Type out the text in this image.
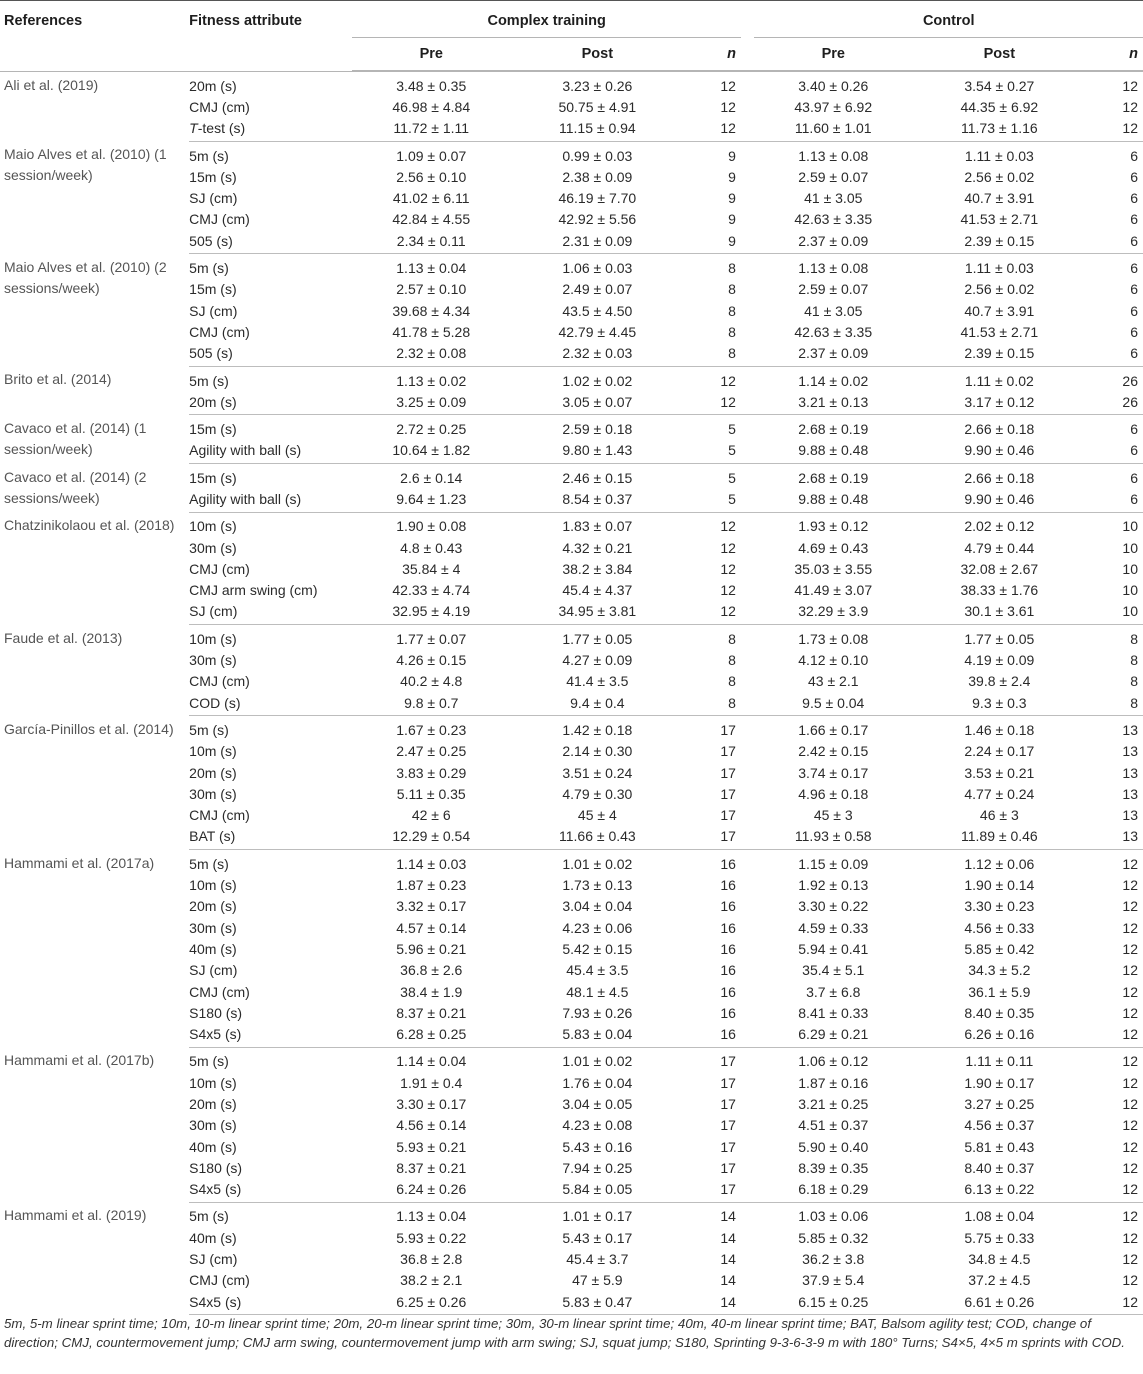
References	Fitness attribute	Complex training				Control		

		Pre	Post	n		Pre	Post	n

Ali et al. (2019)	20m (s)	3.48 ± 0.35	3.23 ± 0.26	12		3.40 ± 0.26	3.54 ± 0.27	12
	CMJ (cm)	46.98 ± 4.84	50.75 ± 4.91	12		43.97 ± 6.92	44.35 ± 6.92	12
	T-test (s)	11.72 ± 1.11	11.15 ± 0.94	12		11.60 ± 1.01	11.73 ± 1.16	12
Maio Alves et al. (2010) (1 session/week)	5m (s)	1.09 ± 0.07	0.99 ± 0.03	9		1.13 ± 0.08	1.11 ± 0.03	6
	15m (s)	2.56 ± 0.10	2.38 ± 0.09	9		2.59 ± 0.07	2.56 ± 0.02	6
	SJ (cm)	41.02 ± 6.11	46.19 ± 7.70	9		41 ± 3.05	40.7 ± 3.91	6
	CMJ (cm)	42.84 ± 4.55	42.92 ± 5.56	9		42.63 ± 3.35	41.53 ± 2.71	6
	505 (s)	2.34 ± 0.11	2.31 ± 0.09	9		2.37 ± 0.09	2.39 ± 0.15	6
Maio Alves et al. (2010) (2 sessions/week)	5m (s)	1.13 ± 0.04	1.06 ± 0.03	8		1.13 ± 0.08	1.11 ± 0.03	6
	15m (s)	2.57 ± 0.10	2.49 ± 0.07	8		2.59 ± 0.07	2.56 ± 0.02	6
	SJ (cm)	39.68 ± 4.34	43.5 ± 4.50	8		41 ± 3.05	40.7 ± 3.91	6
	CMJ (cm)	41.78 ± 5.28	42.79 ± 4.45	8		42.63 ± 3.35	41.53 ± 2.71	6
	505 (s)	2.32 ± 0.08	2.32 ± 0.03	8		2.37 ± 0.09	2.39 ± 0.15	6
Brito et al. (2014)	5m (s)	1.13 ± 0.02	1.02 ± 0.02	12		1.14 ± 0.02	1.11 ± 0.02	26
	20m (s)	3.25 ± 0.09	3.05 ± 0.07	12		3.21 ± 0.13	3.17 ± 0.12	26
Cavaco et al. (2014) (1 session/week)	15m (s)	2.72 ± 0.25	2.59 ± 0.18	5		2.68 ± 0.19	2.66 ± 0.18	6
	Agility with ball (s)	10.64 ± 1.82	9.80 ± 1.43	5		9.88 ± 0.48	9.90 ± 0.46	6
Cavaco et al. (2014) (2 sessions/week)	15m (s)	2.6 ± 0.14	2.46 ± 0.15	5		2.68 ± 0.19	2.66 ± 0.18	6
	Agility with ball (s)	9.64 ± 1.23	8.54 ± 0.37	5		9.88 ± 0.48	9.90 ± 0.46	6
Chatzinikolaou et al. (2018)	10m (s)	1.90 ± 0.08	1.83 ± 0.07	12		1.93 ± 0.12	2.02 ± 0.12	10
	30m (s)	4.8 ± 0.43	4.32 ± 0.21	12		4.69 ± 0.43	4.79 ± 0.44	10
	CMJ (cm)	35.84 ± 4	38.2 ± 3.84	12		35.03 ± 3.55	32.08 ± 2.67	10
	CMJ arm swing (cm)	42.33 ± 4.74	45.4 ± 4.37	12		41.49 ± 3.07	38.33 ± 1.76	10
	SJ (cm)	32.95 ± 4.19	34.95 ± 3.81	12		32.29 ± 3.9	30.1 ± 3.61	10
Faude et al. (2013)	10m (s)	1.77 ± 0.07	1.77 ± 0.05	8		1.73 ± 0.08	1.77 ± 0.05	8
	30m (s)	4.26 ± 0.15	4.27 ± 0.09	8		4.12 ± 0.10	4.19 ± 0.09	8
	CMJ (cm)	40.2 ± 4.8	41.4 ± 3.5	8		43 ± 2.1	39.8 ± 2.4	8
	COD (s)	9.8 ± 0.7	9.4 ± 0.4	8		9.5 ± 0.04	9.3 ± 0.3	8
García-Pinillos et al. (2014)	5m (s)	1.67 ± 0.23	1.42 ± 0.18	17		1.66 ± 0.17	1.46 ± 0.18	13
	10m (s)	2.47 ± 0.25	2.14 ± 0.30	17		2.42 ± 0.15	2.24 ± 0.17	13
	20m (s)	3.83 ± 0.29	3.51 ± 0.24	17		3.74 ± 0.17	3.53 ± 0.21	13
	30m (s)	5.11 ± 0.35	4.79 ± 0.30	17		4.96 ± 0.18	4.77 ± 0.24	13
	CMJ (cm)	42 ± 6	45 ± 4	17		45 ± 3	46 ± 3	13
	BAT (s)	12.29 ± 0.54	11.66 ± 0.43	17		11.93 ± 0.58	11.89 ± 0.46	13
Hammami et al. (2017a)	5m (s)	1.14 ± 0.03	1.01 ± 0.02	16		1.15 ± 0.09	1.12 ± 0.06	12
	10m (s)	1.87 ± 0.23	1.73 ± 0.13	16		1.92 ± 0.13	1.90 ± 0.14	12
	20m (s)	3.32 ± 0.17	3.04 ± 0.04	16		3.30 ± 0.22	3.30 ± 0.23	12
	30m (s)	4.57 ± 0.14	4.23 ± 0.06	16		4.59 ± 0.33	4.56 ± 0.33	12
	40m (s)	5.96 ± 0.21	5.42 ± 0.15	16		5.94 ± 0.41	5.85 ± 0.42	12
	SJ (cm)	36.8 ± 2.6	45.4 ± 3.5	16		35.4 ± 5.1	34.3 ± 5.2	12
	CMJ (cm)	38.4 ± 1.9	48.1 ± 4.5	16		3.7 ± 6.8	36.1 ± 5.9	12
	S180 (s)	8.37 ± 0.21	7.93 ± 0.26	16		8.41 ± 0.33	8.40 ± 0.35	12
	S4x5 (s)	6.28 ± 0.25	5.83 ± 0.04	16		6.29 ± 0.21	6.26 ± 0.16	12
Hammami et al. (2017b)	5m (s)	1.14 ± 0.04	1.01 ± 0.02	17		1.06 ± 0.12	1.11 ± 0.11	12
	10m (s)	1.91 ± 0.4	1.76 ± 0.04	17		1.87 ± 0.16	1.90 ± 0.17	12
	20m (s)	3.30 ± 0.17	3.04 ± 0.05	17		3.21 ± 0.25	3.27 ± 0.25	12
	30m (s)	4.56 ± 0.14	4.23 ± 0.08	17		4.51 ± 0.37	4.56 ± 0.37	12
	40m (s)	5.93 ± 0.21	5.43 ± 0.16	17		5.90 ± 0.40	5.81 ± 0.43	12
	S180 (s)	8.37 ± 0.21	7.94 ± 0.25	17		8.39 ± 0.35	8.40 ± 0.37	12
	S4x5 (s)	6.24 ± 0.26	5.84 ± 0.05	17		6.18 ± 0.29	6.13 ± 0.22	12
Hammami et al. (2019)	5m (s)	1.13 ± 0.04	1.01 ± 0.17	14		1.03 ± 0.06	1.08 ± 0.04	12
	40m (s)	5.93 ± 0.22	5.43 ± 0.17	14		5.85 ± 0.32	5.75 ± 0.33	12
	SJ (cm)	36.8 ± 2.8	45.4 ± 3.7	14		36.2 ± 3.8	34.8 ± 4.5	12
	CMJ (cm)	38.2 ± 2.1	47 ± 5.9	14		37.9 ± 5.4	37.2 ± 4.5	12
	S4x5 (s)	6.25 ± 0.26	5.83 ± 0.47	14		6.15 ± 0.25	6.61 ± 0.26	12
5m, 5-m linear sprint time; 10m, 10-m linear sprint time; 20m, 20-m linear sprint time; 30m, 30-m linear sprint time; 40m, 40-m linear sprint time; BAT, Balsom agility test; COD, change of direction; CMJ, countermovement jump; CMJ arm swing, countermovement jump with arm swing; SJ, squat jump; S180, Sprinting 9-3-6-3-9 m with 180° Turns; S4×5, 4×5 m sprints with COD.
